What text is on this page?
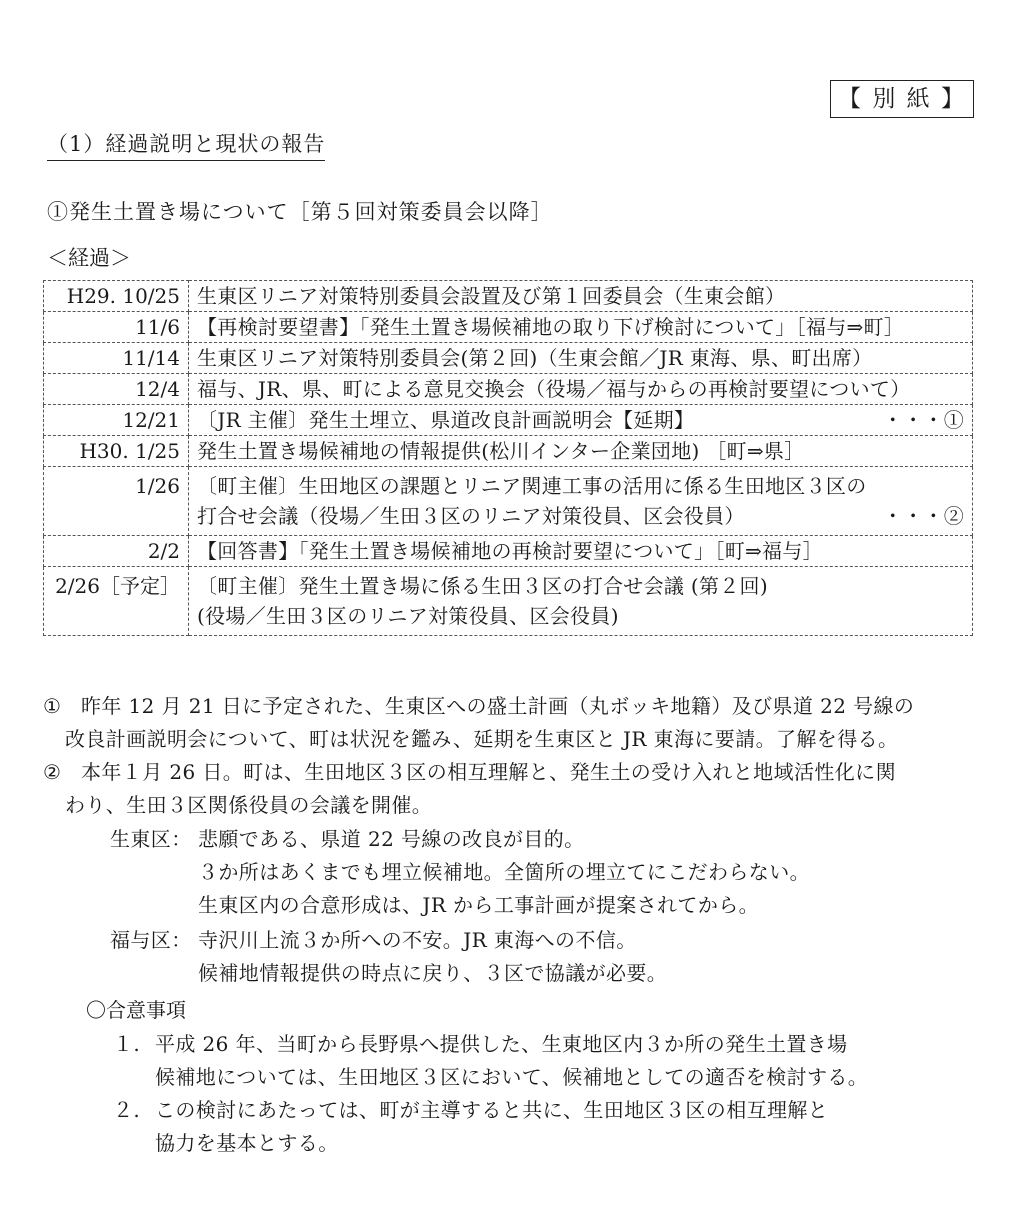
【 別 紙 】
（1）経過説明と現状の報告
①発生土置き場について［第５回対策委員会以降］
＜経過＞
H29. 10/25	生東区リニア対策特別委員会設置及び第１回委員会（生東会館）

11/6	【再検討要望書】「発生土置き場候補地の取り下げ検討について」［福与⇒町］

11/14	生東区リニア対策特別委員会(第２回)（生東会館／JR 東海、県、町出席）

12/4	福与、JR、県、町による意見交換会（役場／福与からの再検討要望について）

12/21	〔JR 主催〕発生土埋立、県道改良計画説明会【延期】 ・・・①

H30. 1/25	発生土置き場候補地の情報提供(松川インター企業団地) ［町⇒県］

1/26	〔町主催〕生田地区の課題とリニア関連工事の活用に係る生田地区３区の
打合せ会議（役場／生田３区のリニア対策役員、区会役員） ・・・②

2/2	【回答書】「発生土置き場候補地の再検討要望について」［町⇒福与］

2/26［予定］	〔町主催〕発生土置き場に係る生田３区の打合せ会議 (第２回)
(役場／生田３区のリニア対策役員、区会役員)
① 昨年 12 月 21 日に予定された、生東区への盛土計画（丸ボッキ地籍）及び県道 22 号線の
改良計画説明会について、町は状況を鑑み、延期を生東区と JR 東海に要請。了解を得る。
② 本年１月 26 日。町は、生田地区３区の相互理解と、発生土の受け入れと地域活性化に関
わり、生田３区関係役員の会議を開催。
生東区： 悲願である、県道 22 号線の改良が目的。
３か所はあくまでも埋立候補地。全箇所の埋立てにこだわらない。
生東区内の合意形成は、JR から工事計画が提案されてから。
福与区： 寺沢川上流３か所への不安。JR 東海への不信。
候補地情報提供の時点に戻り、３区で協議が必要。
〇合意事項
１. 平成 26 年、当町から長野県へ提供した、生東地区内３か所の発生土置き場
候補地については、生田地区３区において、候補地としての適否を検討する。
２. この検討にあたっては、町が主導すると共に、生田地区３区の相互理解と
協力を基本とする。
